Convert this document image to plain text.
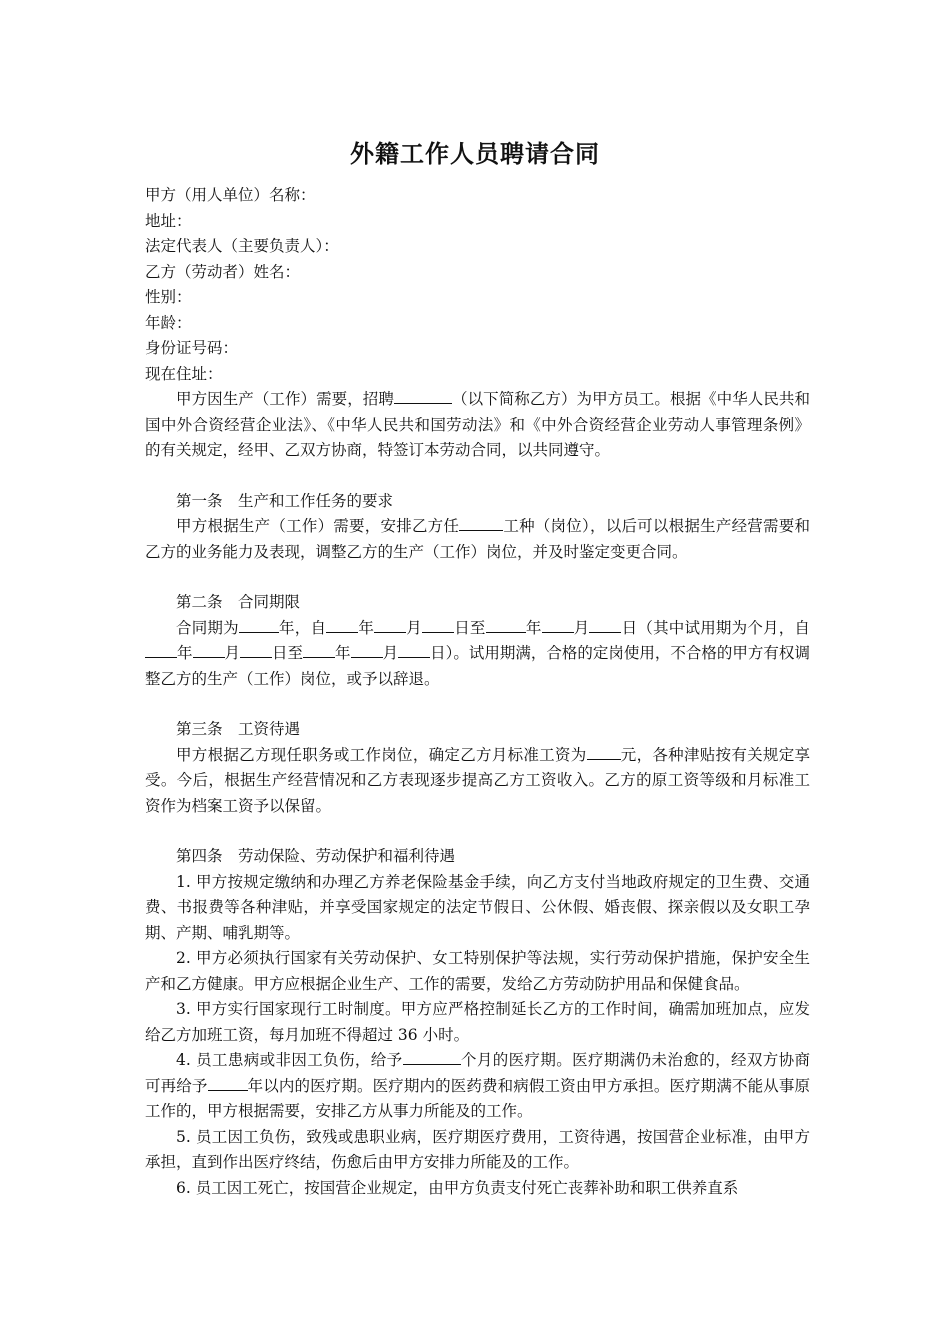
外籍工作人员聘请合同
甲方（用人单位）名称：
地址：
法定代表人（主要负责人）：
乙方（劳动者）姓名：
性别：
年龄：
身份证号码：
现在住址：
甲方因生产（工作）需要，招聘	（以下简称乙方）为甲方员工。根据《中华人民共和国中外合资经营企业法》、《中华人民共和国劳动法》和《中外合资经营企业劳动人事管理条例》的有关规定，经甲、乙双方协商，特签订本劳动合同，以共同遵守。
第一条　生产和工作任务的要求
甲方根据生产（工作）需要，安排乙方任	工种（岗位），以后可以根据生产经营需要和乙方的业务能力及表现，调整乙方的生产（工作）岗位，并及时鉴定变更合同。
第二条　合同期限
合同期为	年，自 年 月 日至	年 月 日（其中试用期为个月，自年 月 日至 年 月 日）。试用期满，合格的定岗使用，不合格的甲方有权调整乙方的生产（工作）岗位，或予以辞退。
第三条　工资待遇
甲方根据乙方现任职务或工作岗位，确定乙方月标准工资为 元，各种津贴按有关规定享受。今后，根据生产经营情况和乙方表现逐步提高乙方工资收入。乙方的原工资等级和月标准工资作为档案工资予以保留。
第四条　劳动保险、劳动保护和福利待遇
1. 甲方按规定缴纳和办理乙方养老保险基金手续，向乙方支付当地政府规定的卫生费、交通费、书报费等各种津贴，并享受国家规定的法定节假日、公休假、婚丧假、探亲假以及女职工孕期、产期、哺乳期等。
2. 甲方必须执行国家有关劳动保护、女工特别保护等法规，实行劳动保护措施，保护安全生产和乙方健康。甲方应根据企业生产、工作的需要，发给乙方劳动防护用品和保健食品。
3. 甲方实行国家现行工时制度。甲方应严格控制延长乙方的工作时间，确需加班加点，应发给乙方加班工资，每月加班不得超过 36 小时。
4. 员工患病或非因工负伤，给予	个月的医疗期。医疗期满仍未治愈的，经双方协商可再给予	年以内的医疗期。医疗期内的医药费和病假工资由甲方承担。医疗期满不能从事原工作的，甲方根据需要，安排乙方从事力所能及的工作。
5. 员工因工负伤，致残或患职业病，医疗期医疗费用，工资待遇，按国营企业标准，由甲方承担，直到作出医疗终结，伤愈后由甲方安排力所能及的工作。
6. 员工因工死亡，按国营企业规定，由甲方负责支付死亡丧葬补助和职工供养直系
